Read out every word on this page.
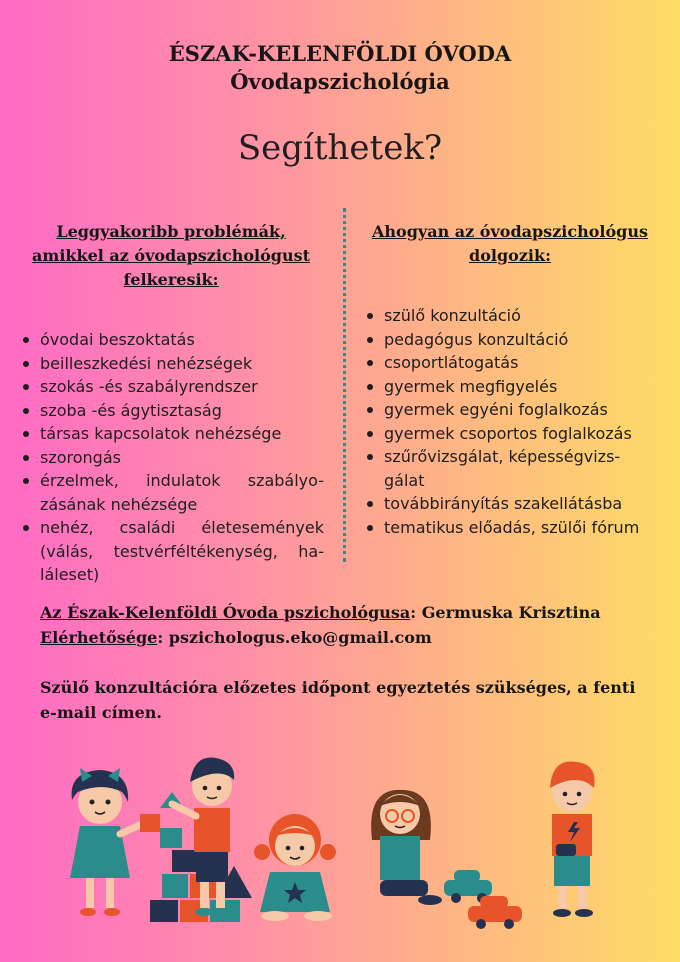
ÉSZAK-KELENFÖLDI ÓVODA
Óvodapszichológia
Segíthetek?
Leggyakoribb problémák, amikkel az óvodapszichológust felkeresik:
óvodai beszoktatás
beilleszkedési nehézségek
szokás -és szabályrendszer
szoba -és ágytisztaság
társas kapcsolatok nehézsége
szorongás
érzelmek, indulatok szabályo-zásának nehézsége
nehéz, családi életesemények (válás, testvérféltékenység, ha-láleset)
Ahogyan az óvodapszichológus dolgozik:
szülő konzultáció
pedagógus konzultáció
csoportlátogatás
gyermek megfigyelés
gyermek egyéni foglalkozás
gyermek csoportos foglalkozás
szűrővizsgálat, képességvizs-gálat
továbbirányítás szakellátásba
tematikus előadás, szülői fórum

Az Észak-Kelenföldi Óvoda pszichológusa: Germuska Krisztina

Elérhetősége: pszichologus.eko@gmail.com

Szülő konzultációra előzetes időpont egyeztetés szükséges, a fenti e-mail címen.
